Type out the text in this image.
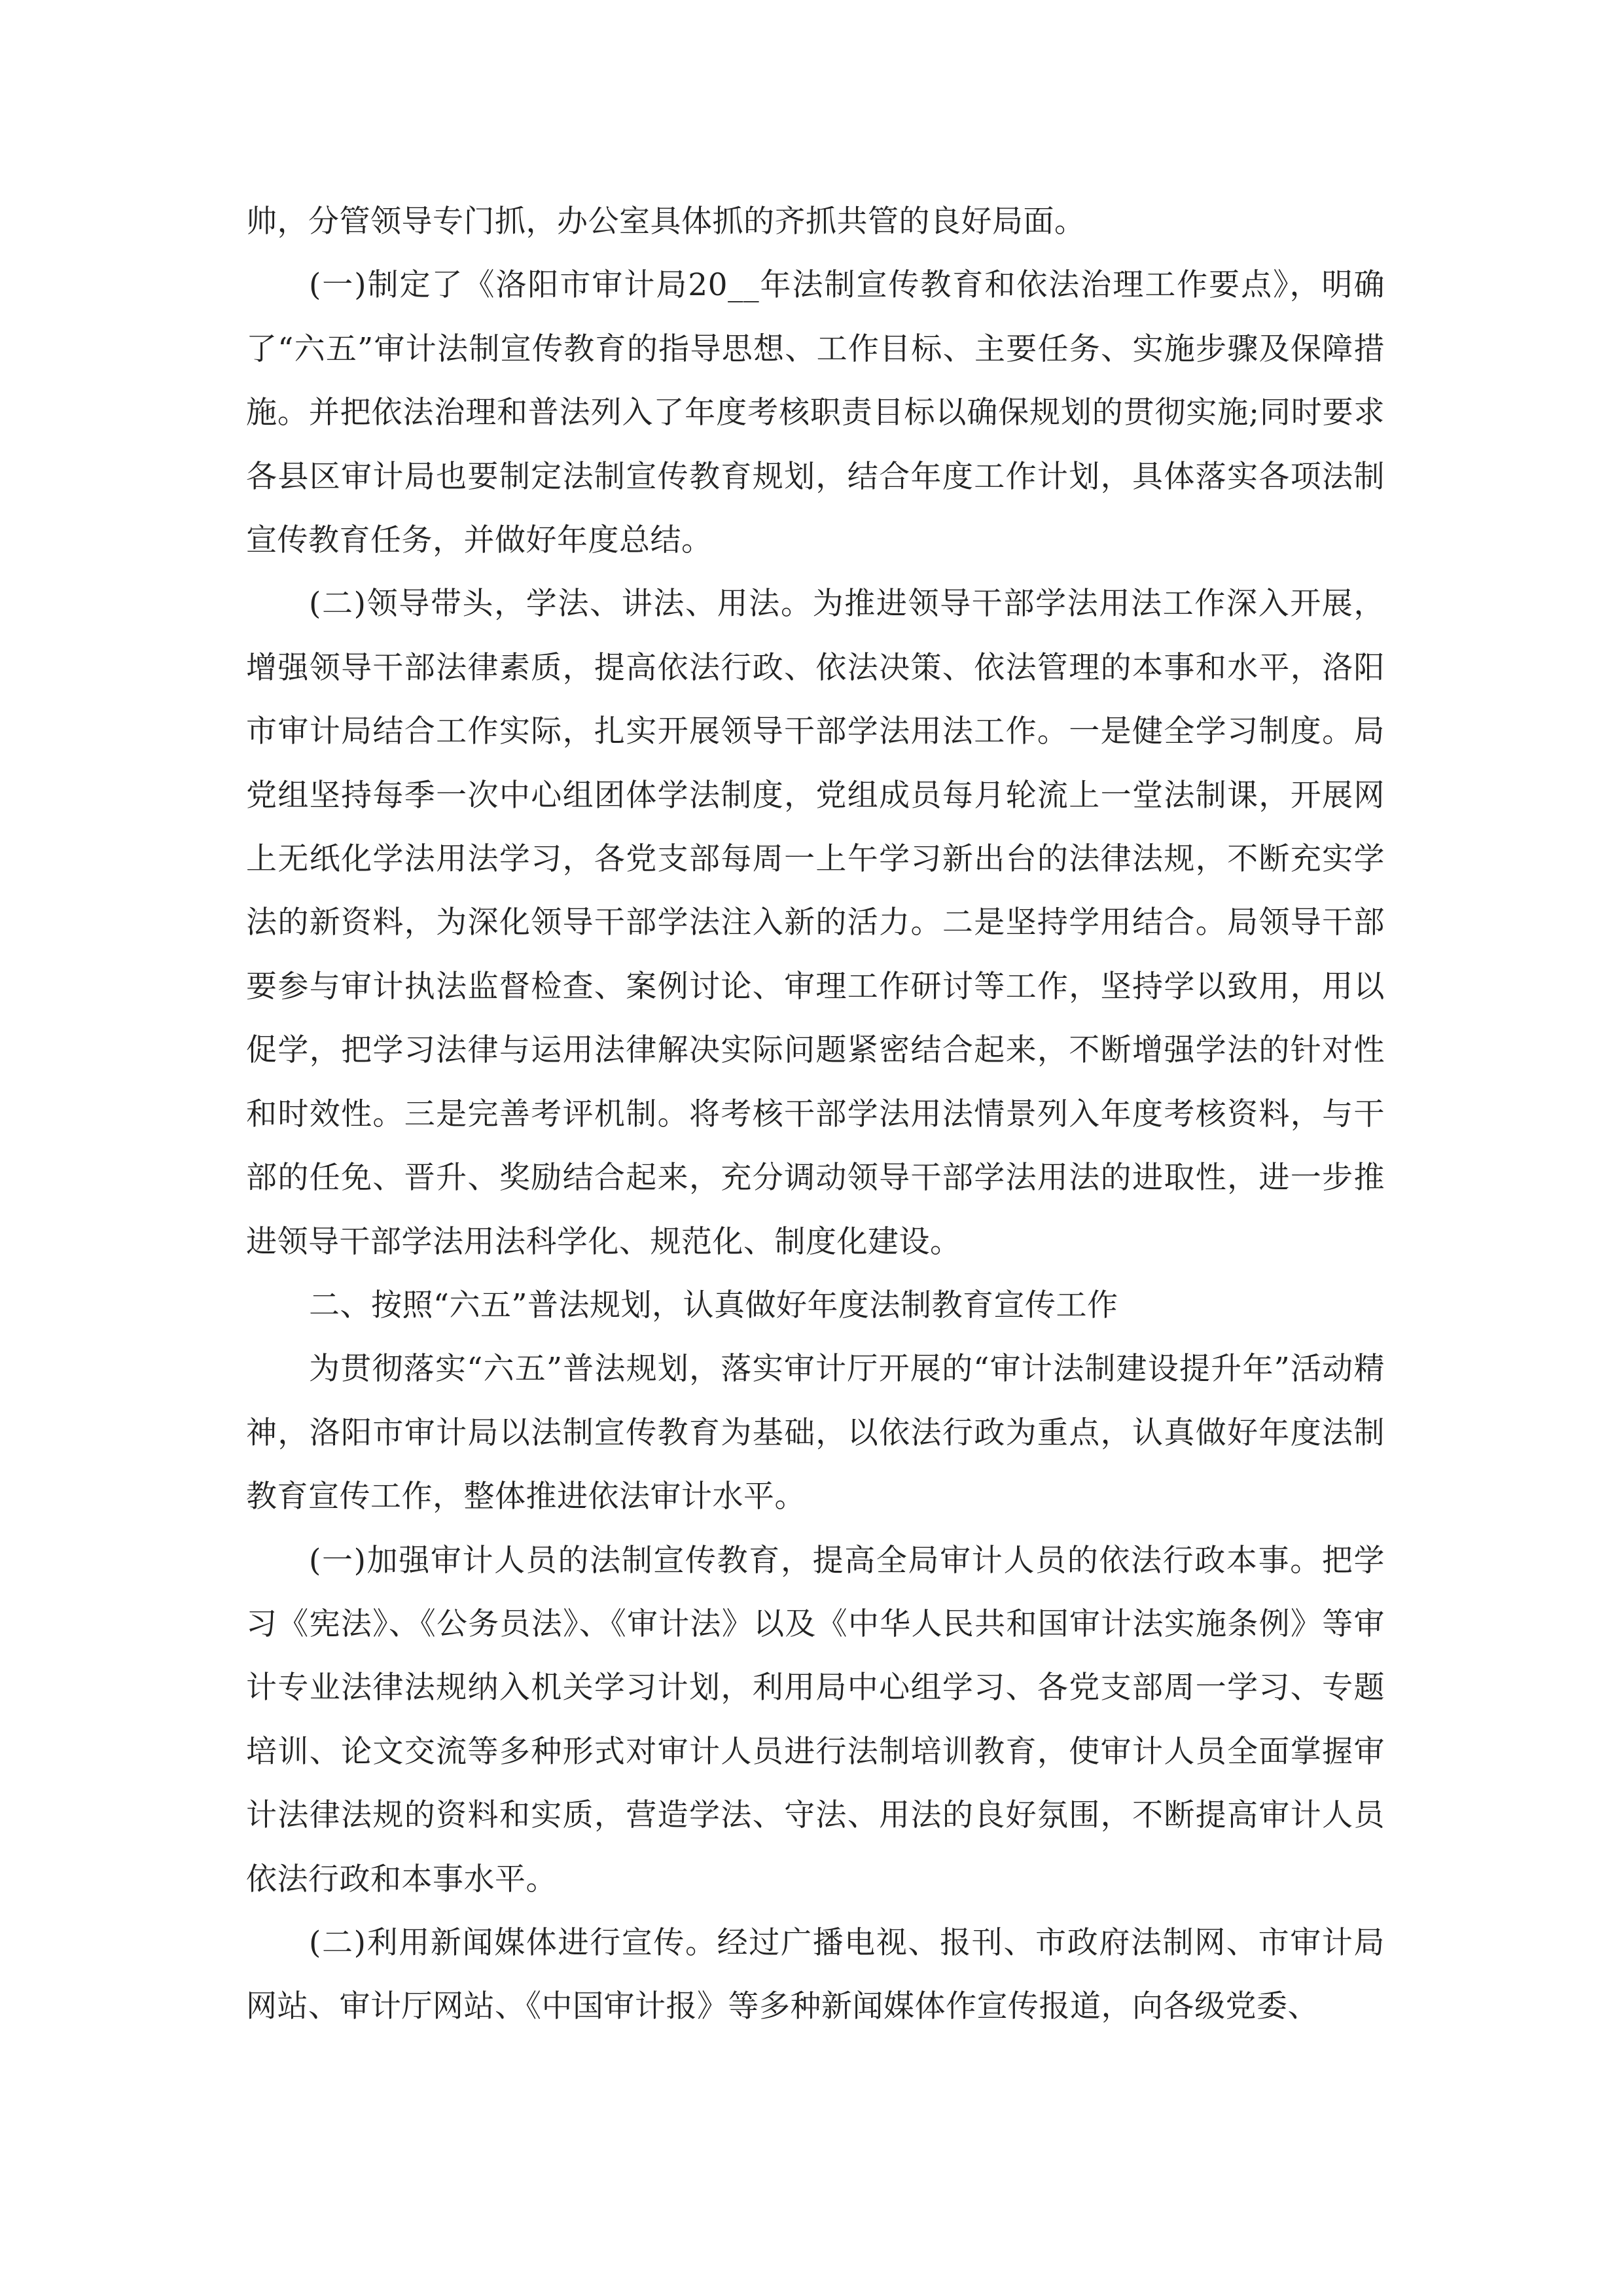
帅，分管领导专门抓，办公室具体抓的齐抓共管的良好局面。

(一)制定了《洛阳市审计局20__年法制宣传教育和依法治理工作要点》，明确了“六五”审计法制宣传教育的指导思想、工作目标、主要任务、实施步骤及保障措施。并把依法治理和普法列入了年度考核职责目标以确保规划的贯彻实施;同时要求各县区审计局也要制定法制宣传教育规划，结合年度工作计划，具体落实各项法制宣传教育任务，并做好年度总结。

(二)领导带头，学法、讲法、用法。为推进领导干部学法用法工作深入开展，增强领导干部法律素质，提高依法行政、依法决策、依法管理的本事和水平，洛阳市审计局结合工作实际，扎实开展领导干部学法用法工作。一是健全学习制度。局党组坚持每季一次中心组团体学法制度，党组成员每月轮流上一堂法制课，开展网上无纸化学法用法学习，各党支部每周一上午学习新出台的法律法规，不断充实学法的新资料，为深化领导干部学法注入新的活力。二是坚持学用结合。局领导干部要参与审计执法监督检查、案例讨论、审理工作研讨等工作，坚持学以致用，用以促学，把学习法律与运用法律解决实际问题紧密结合起来，不断增强学法的针对性和时效性。三是完善考评机制。将考核干部学法用法情景列入年度考核资料，与干部的任免、晋升、奖励结合起来，充分调动领导干部学法用法的进取性，进一步推进领导干部学法用法科学化、规范化、制度化建设。

二、按照“六五”普法规划，认真做好年度法制教育宣传工作

为贯彻落实“六五”普法规划，落实审计厅开展的“审计法制建设提升年”活动精神，洛阳市审计局以法制宣传教育为基础，以依法行政为重点，认真做好年度法制教育宣传工作，整体推进依法审计水平。

(一)加强审计人员的法制宣传教育，提高全局审计人员的依法行政本事。把学习《宪法》、《公务员法》、《审计法》以及《中华人民共和国审计法实施条例》等审计专业法律法规纳入机关学习计划，利用局中心组学习、各党支部周一学习、专题培训、论文交流等多种形式对审计人员进行法制培训教育，使审计人员全面掌握审计法律法规的资料和实质，营造学法、守法、用法的良好氛围，不断提高审计人员依法行政和本事水平。

(二)利用新闻媒体进行宣传。经过广播电视、报刊、市政府法制网、市审计局网站、审计厅网站、《中国审计报》等多种新闻媒体作宣传报道，向各级党委、
